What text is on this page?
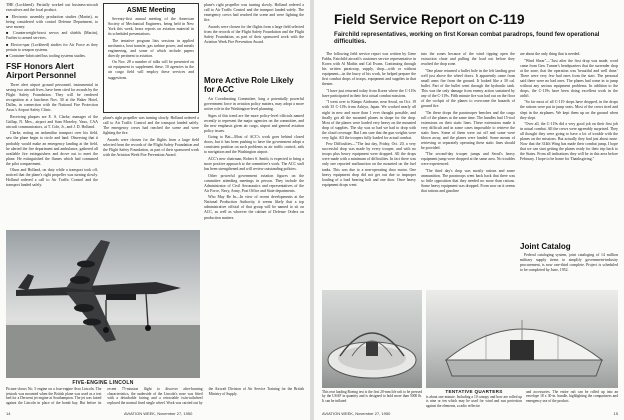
THE (Lockheed). Partially worked out business-aircraft executives and the local product.

■ Electronic assembly production studies (Martin), as being considered with control Defense Department, to save money.

■ Counterweight-boost servos and shields (Martin), Further to armed services.

■ Electro-spar (Lockheed) studies for Air Force as they pertain to weapon systems.

■ Container-lubricated bus tooling systems studies.

FSF Honors Alert Airport Personnel

Three alert airport ground personnel, instrumental in saving two aircraft lives, have been cited for awards by the Flight Safety Foundation. They will be rendered recognition at a luncheon Nov. 30 at the Baker Hotel, Dallas, in connection with the National Fire Protection Assn.'s Airport Safety Clinic.

Receiving plaques are E. S. Clarke, manager of the Gallup, N. Mex., airport and Sam Moseley, Vaux, CAA aircraft communicators, at T. Cole, Jr., and J. D. Holland.

Clarke, noting an unfamiliar transport over his field, saw the plane begin to circle and land. Observing that it probably would make an emergency landing at the field, he alerted the fire department and ambulance, gathered all available fire extinguishers and drove out to meet the plane. He extinguished the flames which had consumed the pilot compartment.

Olson and Holland, on duty while a transport took off, noticed that the plane's right propeller was turning slowly. Holland ordered a call to Air Traffic Control and the transport landed safely.

ASME Meeting

Seventy-first annual meeting of the American Society of Mechanical Engineers, being held in New York this week, hears reports on aviation material in its scheduled presentations.

The tentative program lists sessions in applied mechanics, heat transfer, gas turbine power, and metals engineering, and some of which include papers directly pertinent to aviation.

On Nov. 28 a number of talks will be presented on air equipment to supplement these, 10 agencies in the air cargo field will employ these services and suggestions.

plane's right propeller was turning slowly. Holland ordered a call to Air Traffic Control and the transport landed safely. The emergency crews had reached the scene and were fighting the fire.

Awards were chosen for the flights from a large field selected from the records of the Flight Safety Foundation and the Flight Safety Foundation, as part of their sponsored work with the Aviation Week Fire Prevention Award.

plane's right propeller was turning slowly. Holland ordered a call to Air Traffic Control and the transport landed safely. The emergency crews had reached the scene and were fighting the fire.

Awards were chosen for the flights from a large field selected from the records of the Flight Safety Foundation and the Flight Safety Foundation, as part of their sponsored work with the Aviation Week Fire Prevention Award.

More Active Role Likely for ACC

Air Coordinating Committee, long a potentially powerful government force in aviation policy matters, may adopt a more active role in the Washington-level planning.

Signs of this trend are the more policy-level officials named recently to represent the major agencies on the committee, and the new emphasis given air cargo, airport and general aviation policy issues.

Going to Bat—Most of ACC's work goes behind closed doors, but it has been pushing to have the government adopt a consistent position on such problems as air traffic control, aids to navigation and the Washington airport.

ACC's new chairman, Robert S. Smith, is expected to bring a more positive approach to the committee's work. The ACC staff has been strengthened and will review outstanding policies.

Other powerful government aviation figures on the committee attending meetings in person. They include the Administrator of Civil Aeronautics and representatives of the Air Force, Navy, Army, Post Office and State departments.

Who May Be In—In view of recent developments at the National Production Authority, it seems likely that a top administrative official of that group will be named to sit on ACC, as well as whoever the cabinet of Defense Orders on production matters.

FIVE-ENGINE LINCOLN

Picture shows No. 5 engine on a four-engine Avro Lincoln. The jetstack was mounted when the British plane was used as a test bed for a Derwent jet engine at Southampton. The jet was faired against the Lincoln in place of the bomb bay. But before its recent 75-mission flight to discover after-burning characteristics, the underside of the Lincoln's nose was fitted with a detachable fairing and a retractable twin-tailwheel replaced the normal fixed single wheel. Work was carried out by the Aircraft Division of Air Service Training for the British Ministry of Supply.

14	AVIATION WEEK, November 27, 1950
Field Service Report on C-119
Fairchild representatives, working on first Korean combat paradrops, found few operational difficulties.

The following field service report was written by Gene Fabbs, Fairchild aircraft's customer service representative in Korea with Al Mathis and Cal Evans. Continuing through his written paratroop, supply, drop—with or without equipment—in the hurry of his work, he helped prepare the first combat drops of troops, equipment and supplies in that theater.

"I have just returned today from Korea where the C-119s have participated in their first actual combat missions.

"I went over to Kimpo Airdrome, near Seoul, on Oct. 19 with 35 C-119s from Ashiya, Japan. We worked nearly all night in new and more than 1 ever thought possible, and finally got all the mounted planes in shape for the drop. Most of the planes were loaded very heavy on the mounted drop of supplies. The sky was so bad we had to drop with the cloud coverage. But I am sure that the gun weights were very light. All the troopers fully loaded for actual combat.

Few Difficulties—"The last day, Friday, Oct. 20, a very successful drop was made by every trooper, and with no troops plus heavy equipment were dropped. All the drops were made with a minimum of difficulties. In fact there was only one reported malfunction on the mounted on the fuel tanks. This was due to a non-operating door motor. One heavy equipment drop did not get out due to improper loading of a load bearing bolt and one door. Once heavy equipment drops went

into the zones because of the wind tipping open the extraction chute and pulling the load out before they reached the drop zone.

"One plane returned a bullet hole in the left landing gear well just above the wheel doors. It apparently came from small arms fire from the ground. It looked like a 30 cal. bullet. Part of the bullet went through the hydraulic tank. This was the only damage from enemy action sustained by any of the C-119s. Fifth minute fire was had out on the floor of the cockpit of the planes to overcome the hazards of ground fire.

"On these drops the paratrooper benches and the cargo roll of the planes at the same time. The handles had 15-tool extensions on their static lines. These extensions made it very difficult and in some cases impossible to retrieve the static lines. Some of them were cut off and some were blown away, and the planes were landed. Some means of retrieving or separately operating these static lines should be provided.

"The second-day trooper jumps and Seoul's heavy equipment jump were dropped at the same area. No troubles were experienced.

"The third day's drop was mostly rations and some ammunition. The paratroops went back back that there was so little opposition that they needed no more than rations. Some heavy equipment was dropped. From now on it seems that rations and gasoline

are about the only thing that is needed.

"Wind Shear"—"Just after the first drop was made, word came from Gen. Tunner's headquarters that the surrender drop at the zone, that the operation was 'beautiful and well done.' There were very few bad ones from the start. The personal said there were no bad ones. The planes had come in to jump without any serious equipment problems. In addition to the drops, the C-119s have been doing excellent work in the airlift.

"So far most of all C-119 drops have dropped, in the drops the rations were put in jump seats. Most of the crews tired and slept in the airplanes. We kept them up on the ground when they slept.

"Over all, the C-119s did a very good job on their first job in actual combat. All the crews were agreeably surprised. They all thought they were going to have a lot of trouble with the planes on the missions. But actually they had just about none. Now that the 314th Wing has made their combat jump, I hope that we can start getting the planes ready for their trip back to the States. From all indications they will be in this area before February. I hope to be home for Thanksgiving."

Joint Catalog

Federal cataloging system, joint cataloging of 14 million military supply items to simplify government-industry procurement, is now one-third complete. Project is scheduled to be completed by June, 1952.

This rear loading Boeing test is the first 20-mm life raft to be pressed by the USAF in quantity and is designed to hold more than 5000 lb. It can be inflated

TENTATIVE QUARTERS

is about one minute. Including a 10 canopy and bow are rolled up is nine or ten which may be used for wind and sun protection against the elements, a radio reflector

and accessories. The entire raft can be rolled up into an envelope 18 x 30-in. bundle, highlighting the compactness and emergency use of the product.

AVIATION WEEK, November 27, 1950	15
